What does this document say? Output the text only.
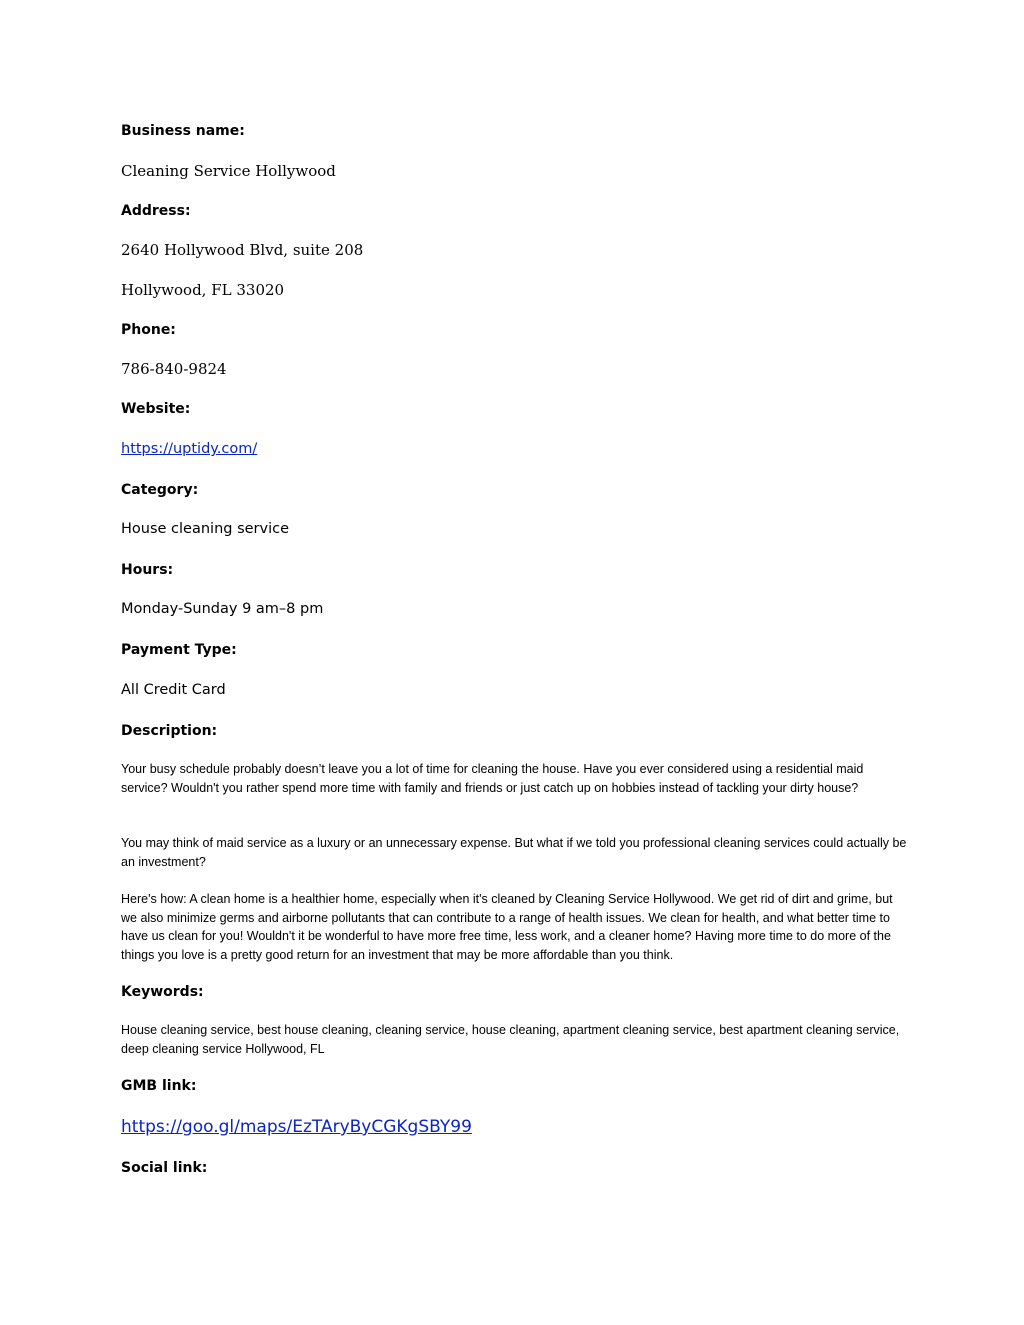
Business name:

Cleaning Service Hollywood

Address:

2640 Hollywood Blvd, suite 208

Hollywood, FL 33020

Phone:

786-840-9824

Website:

https://uptidy.com/

Category:

House cleaning service

Hours:

Monday-Sunday 9 am–8 pm

Payment Type:

All Credit Card

Description:

Your busy schedule probably doesn’t leave you a lot of time for cleaning the house. Have you ever considered using a residential maid service? Wouldn't you rather spend more time with family and friends or just catch up on hobbies instead of tackling your dirty house?

You may think of maid service as a luxury or an unnecessary expense. But what if we told you professional cleaning services could actually be an investment?

Here's how: A clean home is a healthier home, especially when it's cleaned by Cleaning Service Hollywood. We get rid of dirt and grime, but we also minimize germs and airborne pollutants that can contribute to a range of health issues. We clean for health, and what better time to have us clean for you! Wouldn't it be wonderful to have more free time, less work, and a cleaner home? Having more time to do more of the things you love is a pretty good return for an investment that may be more affordable than you think.

Keywords:

House cleaning service, best house cleaning, cleaning service, house cleaning, apartment cleaning service, best apartment cleaning service, deep cleaning service Hollywood, FL

GMB link:

https://goo.gl/maps/EzTAryByCGKgSBY99

Social link:
